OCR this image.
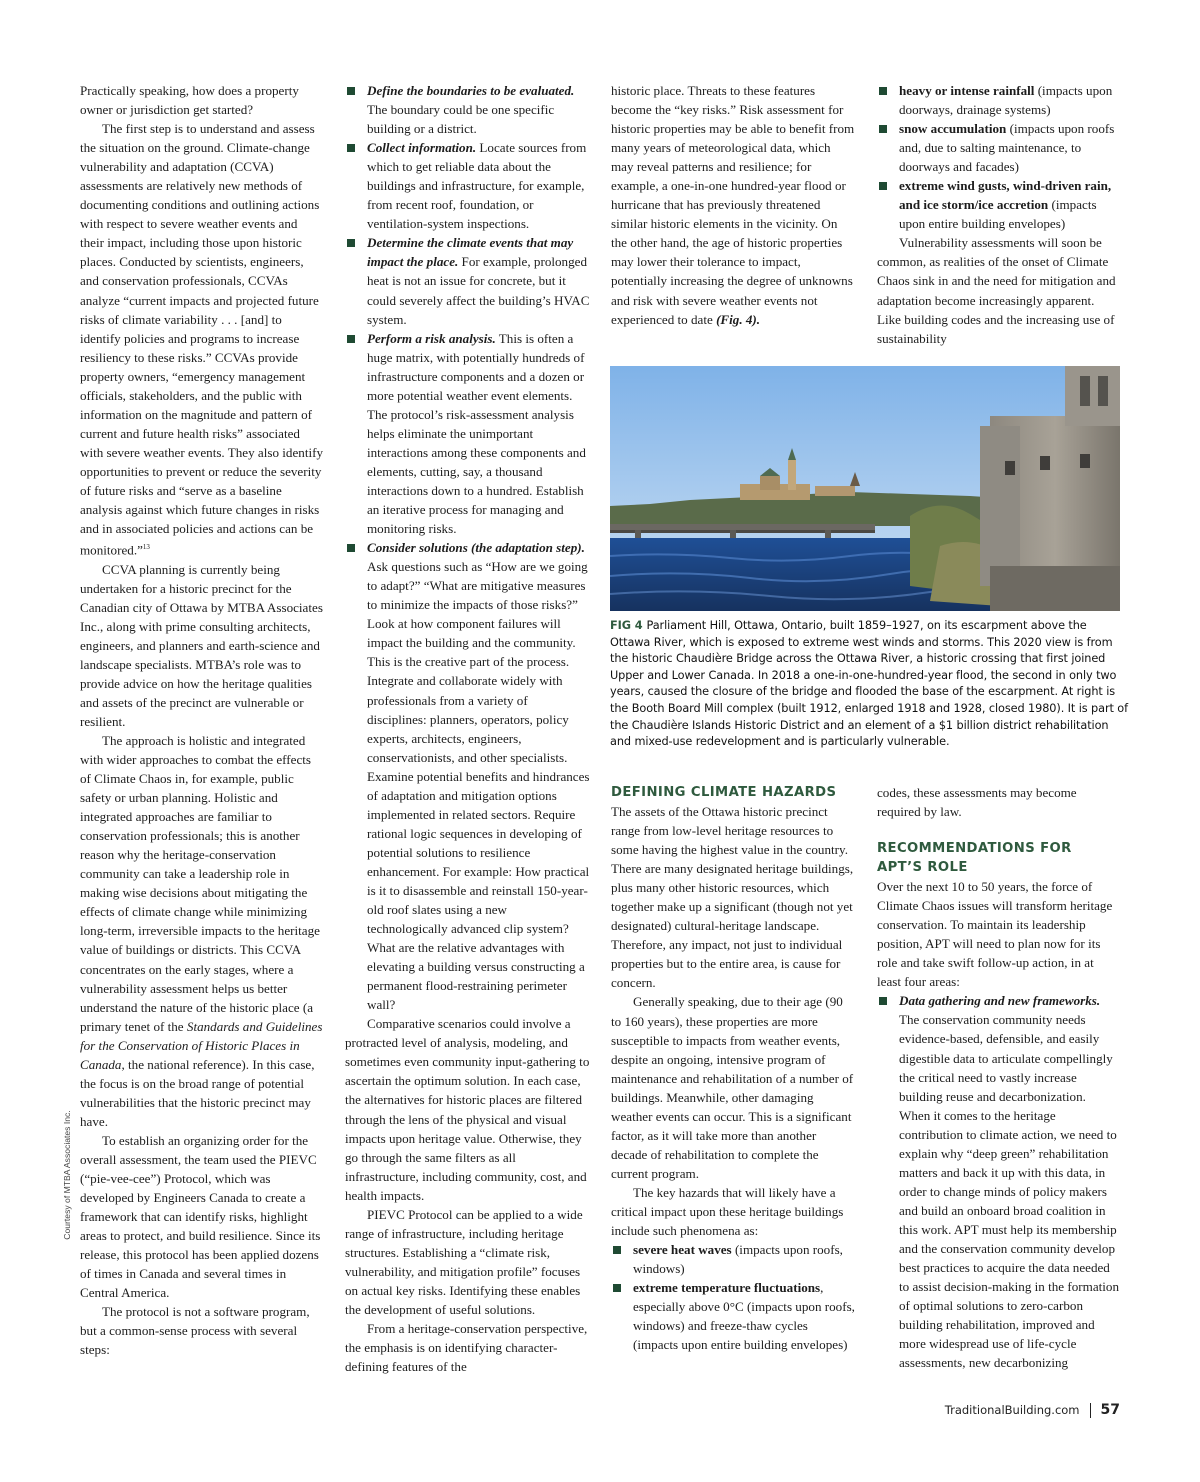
Practically speaking, how does a property owner or jurisdiction get started?

The first step is to understand and assess the situation on the ground. Climate-change vulnerability and adaptation (CCVA) assessments are relatively new methods of documenting conditions and outlining actions with respect to severe weather events and their impact, including those upon historic places. Conducted by scientists, engineers, and conservation professionals, CCVAs analyze “current impacts and projected future risks of climate variability . . . [and] to identify policies and programs to increase resiliency to these risks.” CCVAs provide property owners, “emergency management officials, stakeholders, and the public with information on the magnitude and pattern of current and future health risks” associated with severe weather events. They also identify opportunities to prevent or reduce the severity of future risks and “serve as a baseline analysis against which future changes in risks and in associated policies and actions can be monitored.”$^{13}$

CCVA planning is currently being undertaken for a historic precinct for the Canadian city of Ottawa by MTBA Associates Inc., along with prime consulting architects, engineers, and planners and earth-science and landscape specialists. MTBA’s role was to provide advice on how the heritage qualities and assets of the precinct are vulnerable or resilient.

The approach is holistic and integrated with wider approaches to combat the effects of Climate Chaos in, for example, public safety or urban planning. Holistic and integrated approaches are familiar to conservation professionals; this is another reason why the heritage-conservation community can take a leadership role in making wise decisions about mitigating the effects of climate change while minimizing long-term, irreversible impacts to the heritage value of buildings or districts. This CCVA concentrates on the early stages, where a vulnerability assessment helps us better understand the nature of the historic place (a primary tenet of the Standards and Guidelines for the Conservation of Historic Places in Canada, the national reference). In this case, the focus is on the broad range of potential vulnerabilities that the historic precinct may have.

To establish an organizing order for the overall assessment, the team used the PIEVC (“pie-vee-cee”) Protocol, which was developed by Engineers Canada to create a framework that can identify risks, highlight areas to protect, and build resilience. Since its release, this protocol has been applied dozens of times in Canada and several times in Central America.

The protocol is not a software program, but a common-sense process with several steps:

Define the boundaries to be evaluated. The boundary could be one specific building or a district.
Collect information. Locate sources from which to get reliable data about the buildings and infrastructure, for example, from recent roof, foundation, or ventilation-system inspections.
Determine the climate events that may impact the place. For example, prolonged heat is not an issue for concrete, but it could severely affect the building’s HVAC system.
Perform a risk analysis. This is often a huge matrix, with potentially hundreds of infrastructure components and a dozen or more potential weather event elements. The protocol’s risk-assessment analysis helps eliminate the unimportant interactions among these components and elements, cutting, say, a thousand interactions down to a hundred. Establish an iterative process for managing and monitoring risks.
Consider solutions (the adaptation step). Ask questions such as “How are we going to adapt?” “What are mitigative measures to minimize the impacts of those risks?” Look at how component failures will impact the building and the community. This is the creative part of the process. Integrate and collaborate widely with professionals from a variety of disciplines: planners, operators, policy experts, architects, engineers, conservationists, and other specialists. Examine potential benefits and hindrances of adaptation and mitigation options implemented in related sectors. Require rational logic sequences in developing of potential solutions to resilience enhancement. For example: How practical is it to disassemble and reinstall 150-year-old roof slates using a new technologically advanced clip system? What are the relative advantages with elevating a building versus constructing a permanent flood-restraining perimeter wall?

Comparative scenarios could involve a protracted level of analysis, modeling, and sometimes even community input-gathering to ascertain the optimum solution. In each case, the alternatives for historic places are filtered through the lens of the physical and visual impacts upon heritage value. Otherwise, they go through the same filters as all infrastructure, including community, cost, and health impacts.

PIEVC Protocol can be applied to a wide range of infrastructure, including heritage structures. Establishing a “climate risk, vulnerability, and mitigation profile” focuses on actual key risks. Identifying these enables the development of useful solutions.

From a heritage-conservation perspective, the emphasis is on identifying character-defining features of the

historic place. Threats to these features become the “key risks.” Risk assessment for historic properties may be able to benefit from many years of meteorological data, which may reveal patterns and resilience; for example, a one-in-one hundred-year flood or hurricane that has previously threatened similar historic elements in the vicinity. On the other hand, the age of historic properties may lower their tolerance to impact, potentially increasing the degree of unknowns and risk with severe weather events not experienced to date (Fig. 4).

heavy or intense rainfall (impacts upon doorways, drainage systems)
snow accumulation (impacts upon roofs and, due to salting maintenance, to doorways and facades)
extreme wind gusts, wind-driven rain, and ice storm/ice accretion (impacts upon entire building envelopes)

Vulnerability assessments will soon be common, as realities of the onset of Climate Chaos sink in and the need for mitigation and adaptation become increasingly apparent. Like building codes and the increasing use of sustainability

FIG 4 Parliament Hill, Ottawa, Ontario, built 1859–1927, on its escarpment above the Ottawa River, which is exposed to extreme west winds and storms. This 2020 view is from the historic Chaudière Bridge across the Ottawa River, a historic crossing that first joined Upper and Lower Canada. In 2018 a one-in-one-hundred-year flood, the second in only two years, caused the closure of the bridge and flooded the base of the escarpment. At right is the Booth Board Mill complex (built 1912, enlarged 1918 and 1928, closed 1980). It is part of the Chaudière Islands Historic District and an element of a $1 billion district rehabilitation and mixed-use redevelopment and is particularly vulnerable.
DEFINING CLIMATE HAZARDS

The assets of the Ottawa historic precinct range from low-level heritage resources to some having the highest value in the country. There are many designated heritage buildings, plus many other historic resources, which together make up a significant (though not yet designated) cultural-heritage landscape. Therefore, any impact, not just to individual properties but to the entire area, is cause for concern.

Generally speaking, due to their age (90 to 160 years), these properties are more susceptible to impacts from weather events, despite an ongoing, intensive program of maintenance and rehabilitation of a number of buildings. Meanwhile, other damaging weather events can occur. This is a significant factor, as it will take more than another decade of rehabilitation to complete the current program.

The key hazards that will likely have a critical impact upon these heritage buildings include such phenomena as:

severe heat waves (impacts upon roofs, windows)
extreme temperature fluctuations, especially above 0°C (impacts upon roofs, windows) and freeze-thaw cycles (impacts upon entire building envelopes)

codes, these assessments may become required by law.

RECOMMENDATIONS FOR APT’S ROLE

Over the next 10 to 50 years, the force of Climate Chaos issues will transform heritage conservation. To maintain its leadership position, APT will need to plan now for its role and take swift follow-up action, in at least four areas:

Data gathering and new frameworks. The conservation community needs evidence-based, defensible, and easily digestible data to articulate compellingly the critical need to vastly increase building reuse and decarbonization. When it comes to the heritage contribution to climate action, we need to explain why “deep green” rehabilitation matters and back it up with this data, in order to change minds of policy makers and build an onboard broad coalition in this work. APT must help its membership and the conservation community develop best practices to acquire the data needed to assist decision-making in the formation of optimal solutions to zero-carbon building rehabilitation, improved and more widespread use of life-cycle assessments, new decarbonizing
Courtesy of MTBA Associates Inc.
TraditionalBuilding.com 57
